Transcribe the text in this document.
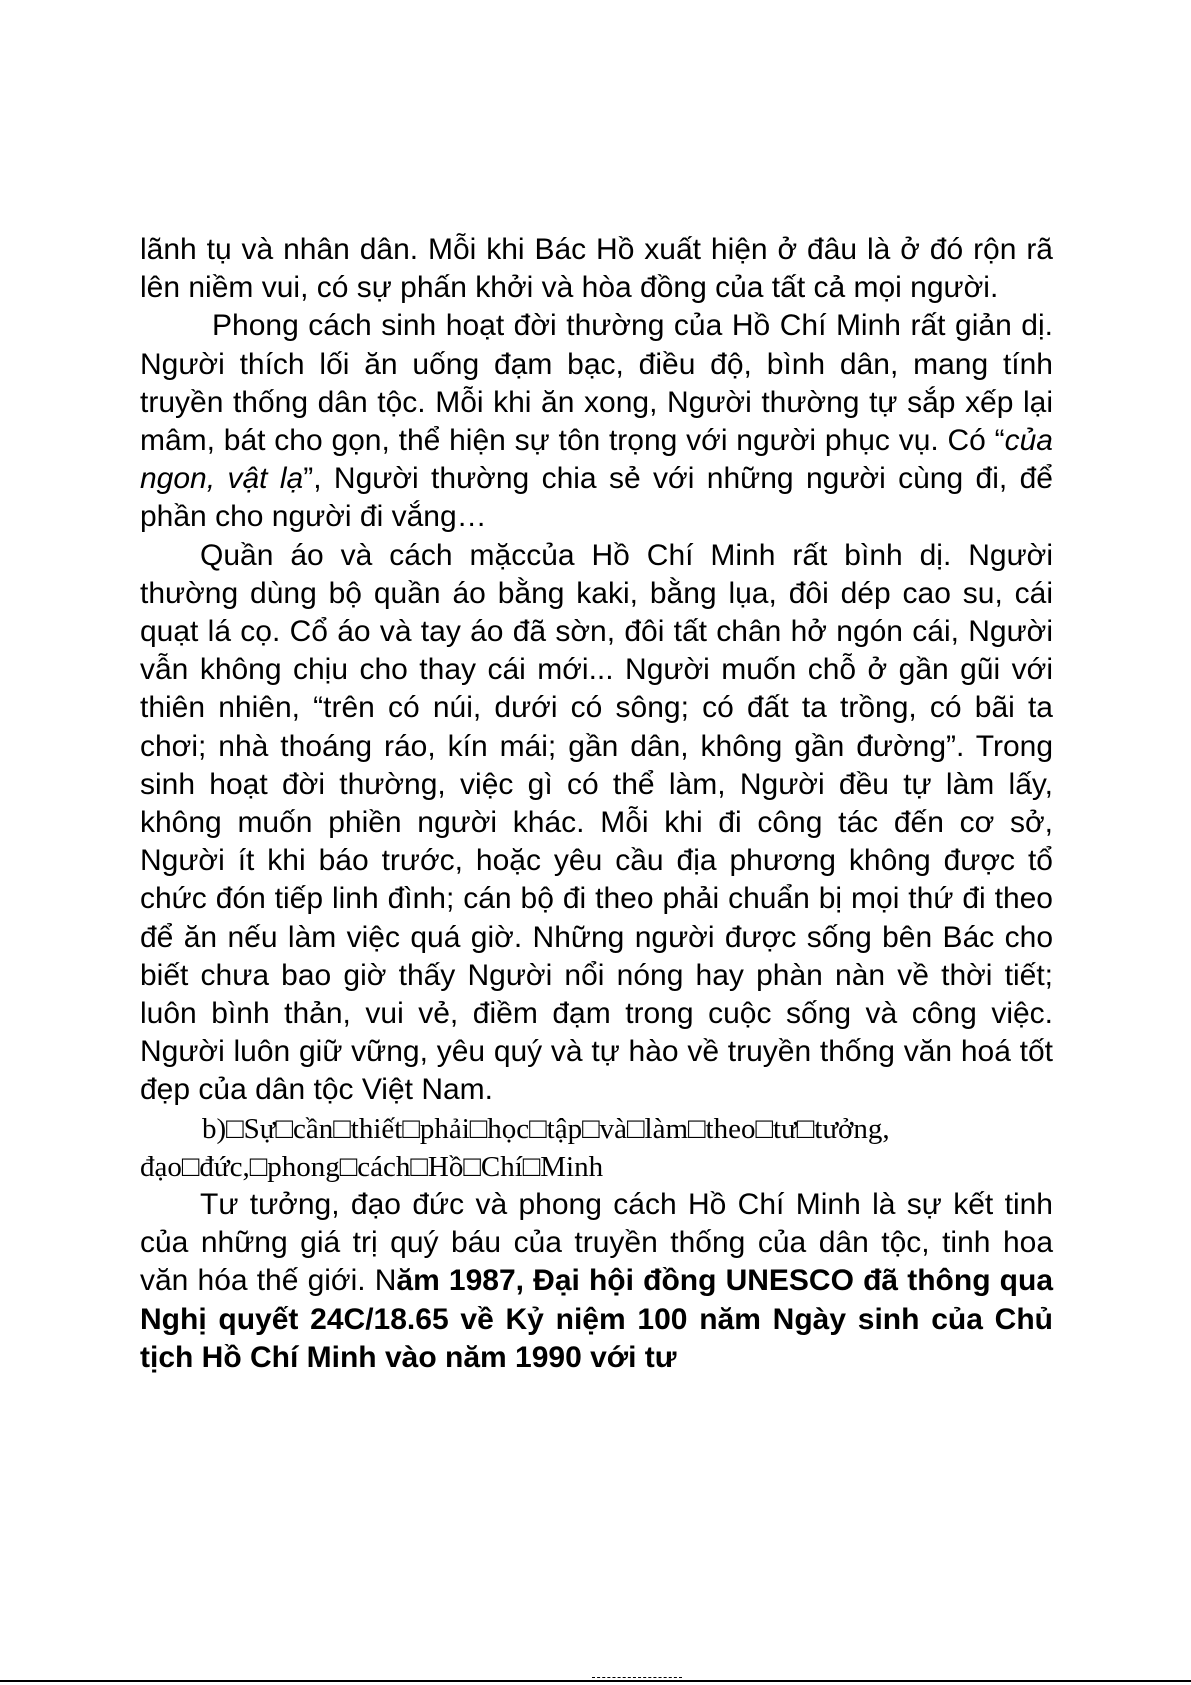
lãnh tụ và nhân dân. Mỗi khi Bác Hồ xuất hiện ở đâu là ở đó rộn rã lên niềm vui, có sự phấn khởi và hòa đồng của tất cả mọi người.

Phong cách sinh hoạt đời thường của Hồ Chí Minh rất giản dị. Người thích lối ăn uống đạm bạc, điều độ, bình dân, mang tính truyền thống dân tộc. Mỗi khi ăn xong, Người thường tự sắp xếp lại mâm, bát cho gọn, thể hiện sự tôn trọng với người phục vụ. Có “của ngon, vật lạ”, Người thường chia sẻ với những người cùng đi, để phần cho người đi vắng…

Quần áo và cách mặccủa Hồ Chí Minh rất bình dị. Người thường dùng bộ quần áo bằng kaki, bằng lụa, đôi dép cao su, cái quạt lá cọ. Cổ áo và tay áo đã sờn, đôi tất chân hở ngón cái, Người vẫn không chịu cho thay cái mới... Người muốn chỗ ở gần gũi với thiên nhiên, “trên có núi, dưới có sông; có đất ta trồng, có bãi ta chơi; nhà thoáng ráo, kín mái; gần dân, không gần đường”. Trong sinh hoạt đời thường, việc gì có thể làm, Người đều tự làm lấy, không muốn phiền người khác. Mỗi khi đi công tác đến cơ sở, Người ít khi báo trước, hoặc yêu cầu địa phương không được tổ chức đón tiếp linh đình; cán bộ đi theo phải chuẩn bị mọi thứ đi theo để ăn nếu làm việc quá giờ. Những người được sống bên Bác cho biết chưa bao giờ thấy Người nổi nóng hay phàn nàn về thời tiết; luôn bình thản, vui vẻ, điềm đạm trong cuộc sống và công việc. Người luôn giữ vững, yêu quý và tự hào về truyền thống văn hoá tốt đẹp của dân tộc Việt Nam.

b)□Sự□cần□thiết□phải□học□tập□và□làm□theo□tư□tưởng,
đạo□đức,□phong□cách□Hồ□Chí□Minh

Tư tưởng, đạo đức và phong cách Hồ Chí Minh là sự kết tinh của những giá trị quý báu của truyền thống của dân tộc, tinh hoa văn hóa thế giới. Năm 1987, Đại hội đồng UNESCO đã thông qua Nghị quyết 24C/18.65 về Kỷ niệm 100 năm Ngày sinh của Chủ tịch Hồ Chí Minh vào năm 1990 với tư
